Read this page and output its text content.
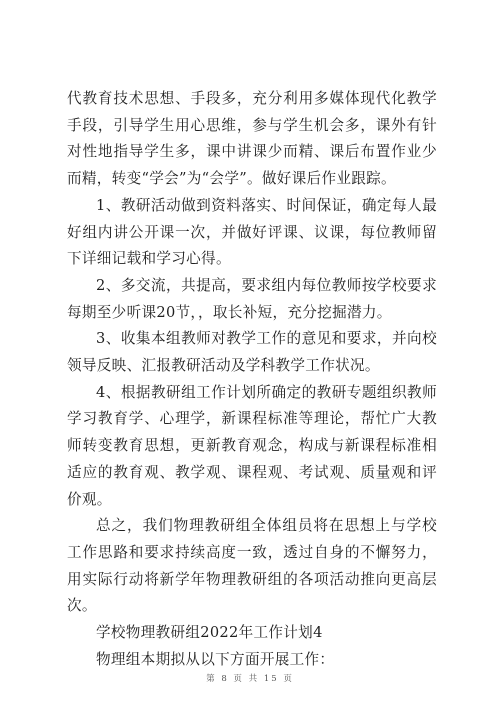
代教育技术思想、手段多，充分利用多媒体现代化教学手段，引导学生用心思维，参与学生机会多，课外有针对性地指导学生多，课中讲课少而精、课后布置作业少而精，转变“学会”为“会学”。做好课后作业跟踪。

1、教研活动做到资料落实、时间保证，确定每人最好组内讲公开课一次，并做好评课、议课，每位教师留下详细记载和学习心得。

2、多交流，共提高，要求组内每位教师按学校要求每期至少听课20节，，取长补短，充分挖掘潜力。

3、收集本组教师对教学工作的意见和要求，并向校领导反映、汇报教研活动及学科教学工作状况。

4、根据教研组工作计划所确定的教研专题组织教师学习教育学、心理学，新课程标准等理论，帮忙广大教师转变教育思想，更新教育观念，构成与新课程标准相适应的教育观、教学观、课程观、考试观、质量观和评价观。

总之，我们物理教研组全体组员将在思想上与学校工作思路和要求持续高度一致，透过自身的不懈努力，用实际行动将新学年物理教研组的各项活动推向更高层次。

学校物理教研组2022年工作计划4

物理组本期拟从以下方面开展工作：

第 8 页 共 15 页
